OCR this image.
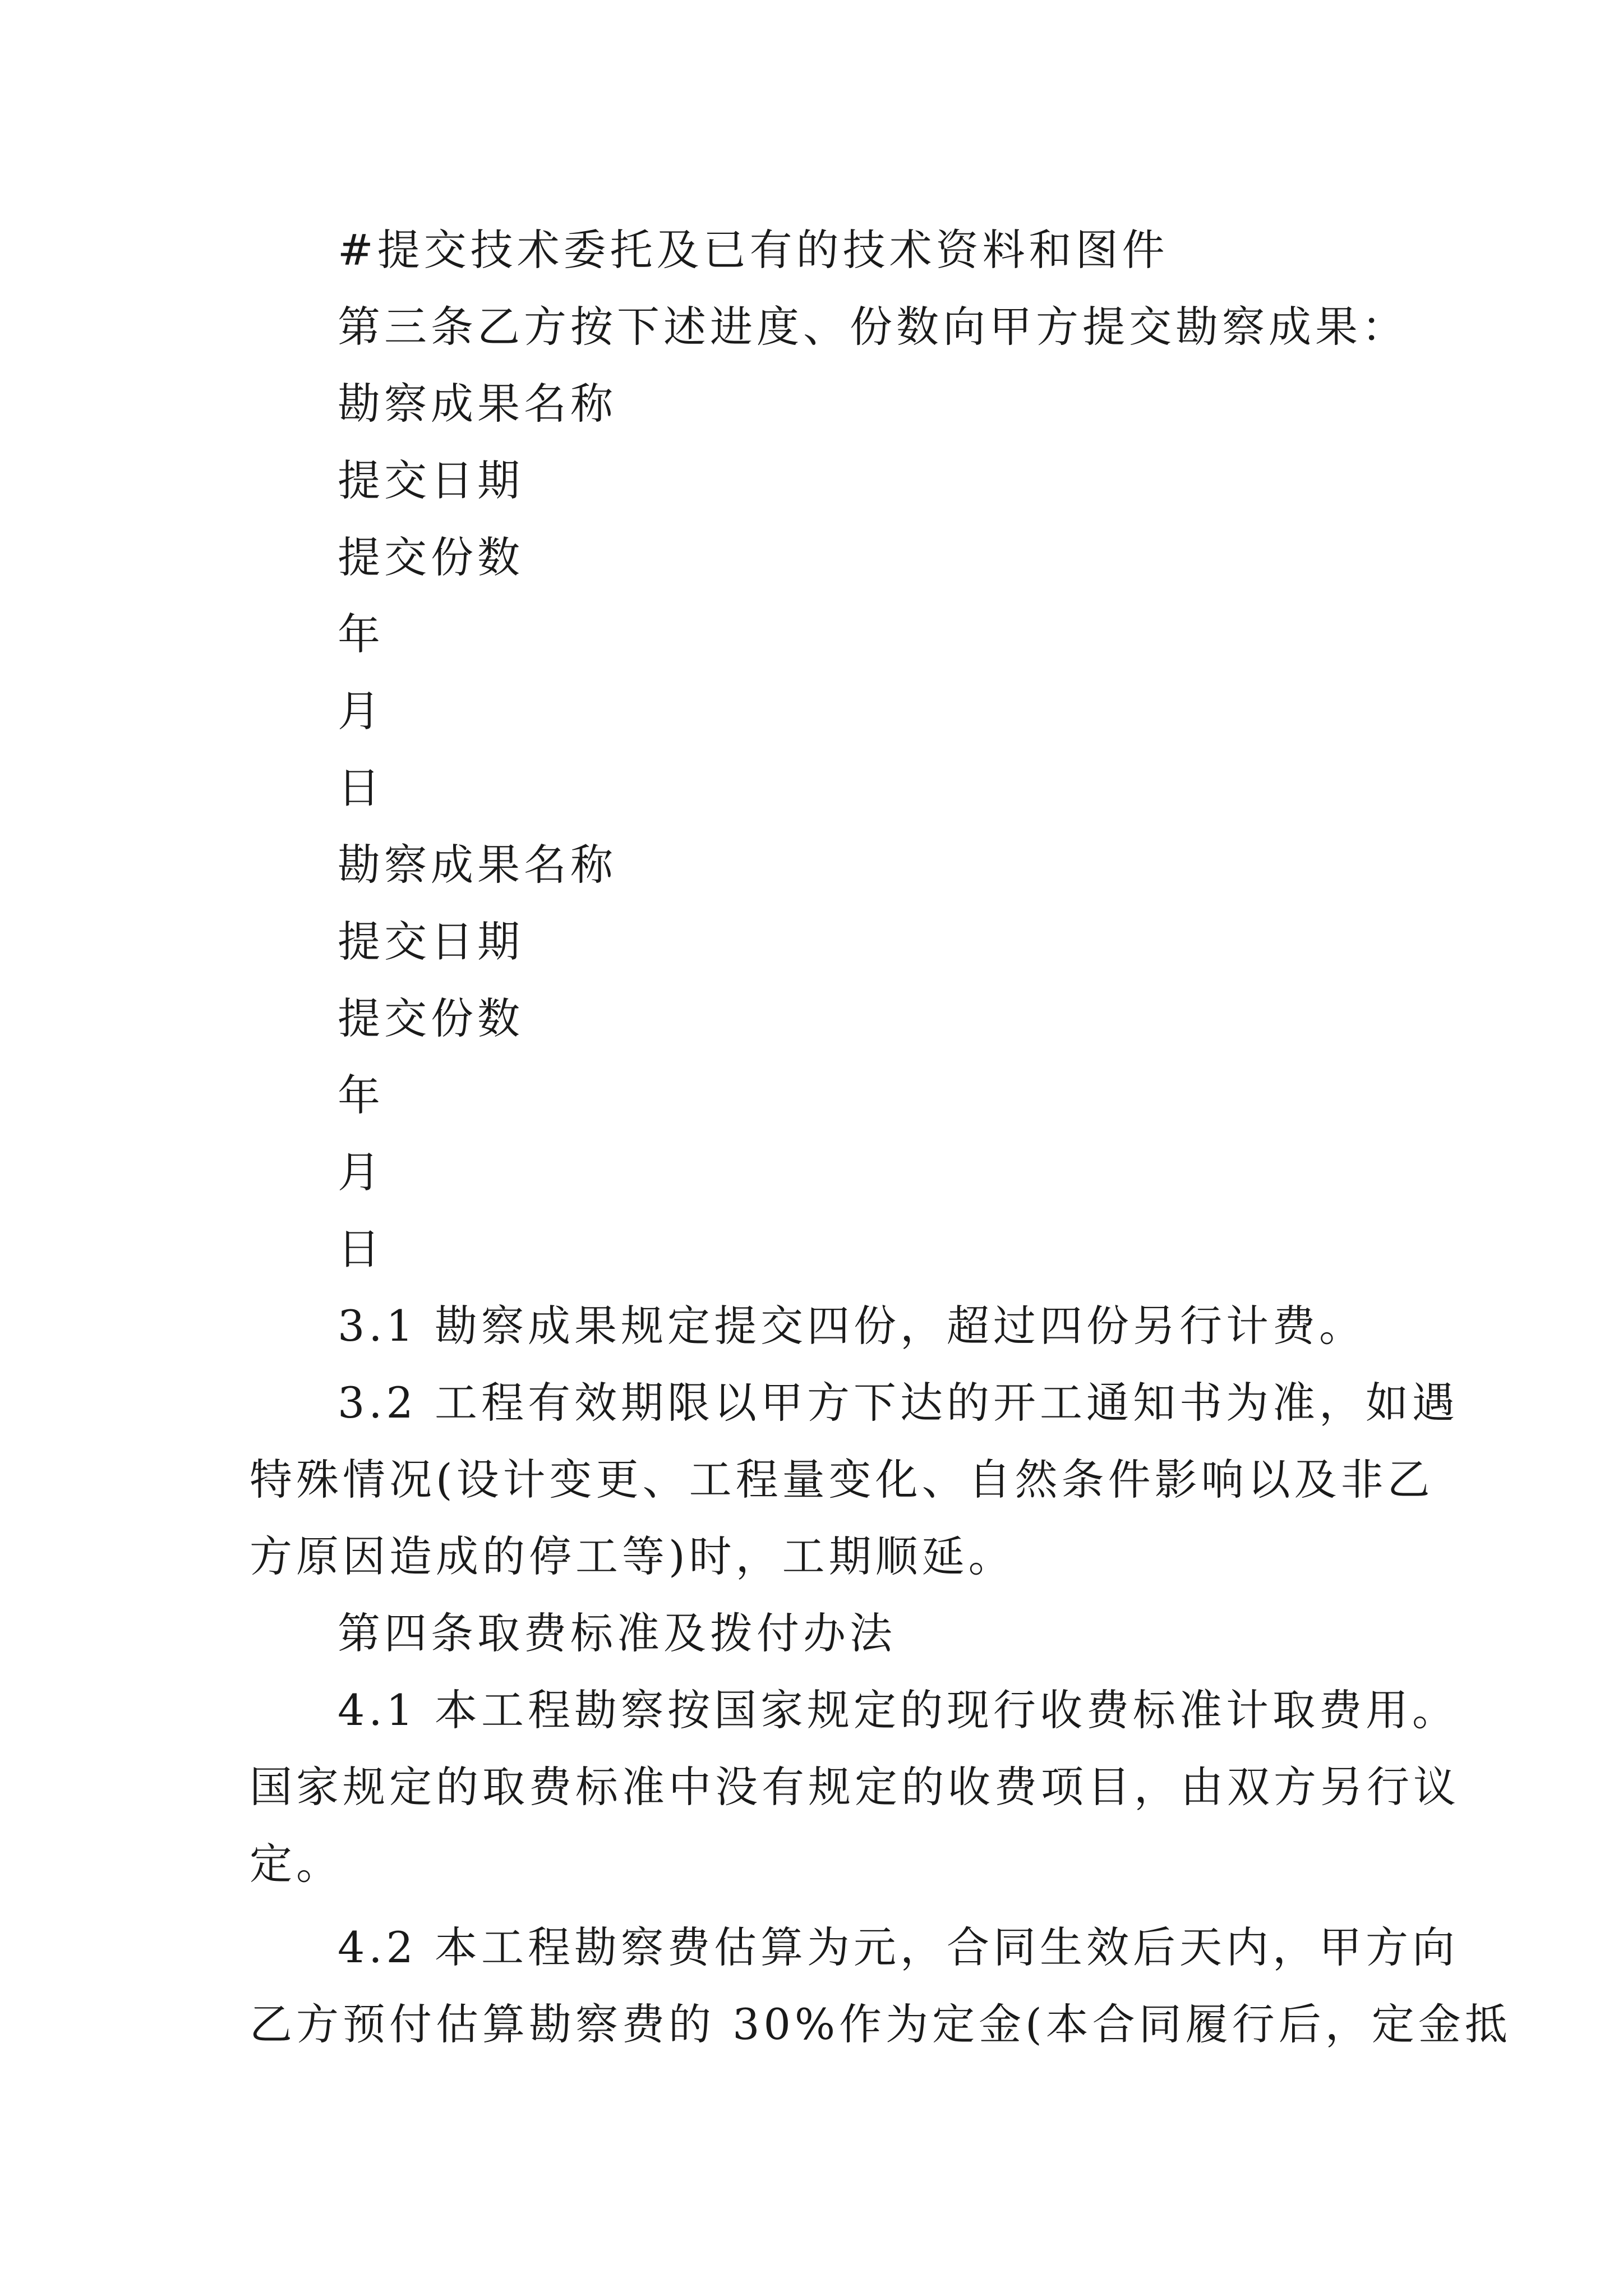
#提交技术委托及已有的技术资料和图件
第三条乙方按下述进度、份数向甲方提交勘察成果：
勘察成果名称
提交日期
提交份数
年
月
日
勘察成果名称
提交日期
提交份数
年
月
日
3.1 勘察成果规定提交四份，超过四份另行计费。
3.2 工程有效期限以甲方下达的开工通知书为准，如遇
特殊情况(设计变更、工程量变化、自然条件影响以及非乙
方原因造成的停工等)时，工期顺延。
第四条取费标准及拨付办法
4.1 本工程勘察按国家规定的现行收费标准计取费用。
国家规定的取费标准中没有规定的收费项目，由双方另行议
定。
4.2 本工程勘察费估算为元，合同生效后天内，甲方向
乙方预付估算勘察费的 30%作为定金(本合同履行后，定金抵
